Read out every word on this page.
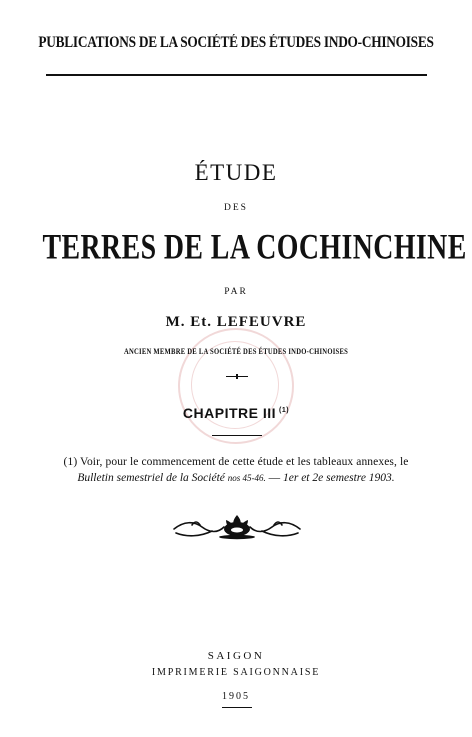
PUBLICATIONS DE LA SOCIÉTÉ DES ÉTUDES INDO-CHINOISES
ÉTUDE
DES
TERRES DE LA COCHINCHINE
PAR
M. Et. LEFEUVRE
ANCIEN MEMBRE DE LA SOCIÉTÉ DES ÉTUDES INDO-CHINOISES
CHAPITRE III $^{(1)}$
(1) Voir, pour le commencement de cette étude et les tableaux annexes, le
Bulletin semestriel de la Société nos 45-46. — 1er et 2e semestre 1903.
SAIGON
IMPRIMERIE SAIGONNAISE
1905
